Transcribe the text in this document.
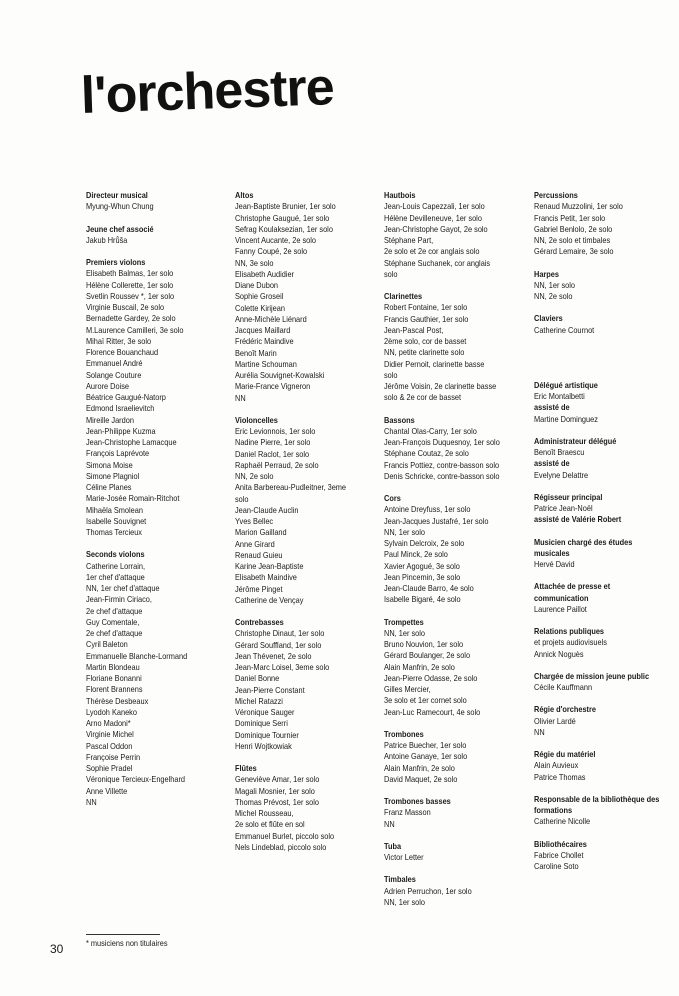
l'orchestre
Directeur musical
Myung-Whun Chung
Jeune chef associé
Jakub Hrůša
Premiers violons
Elisabeth Balmas, 1er solo
Hélène Collerette, 1er solo
Svetlin Roussev *, 1er solo
Virginie Buscail, 2e solo
Bernadette Gardey, 2e solo
M.Laurence Camilleri, 3e solo
Mihaï Ritter, 3e solo
Florence Bouanchaud
Emmanuel André
Solange Couture
Aurore Doise
Béatrice Gaugué-Natorp
Edmond Israelievitch
Mireille Jardon
Jean-Philippe Kuzma
Jean-Christophe Lamacque
François Laprévote
Simona Moise
Simone Plagniol
Céline Planes
Marie-Josée Romain-Ritchot
Mihaëla Smolean
Isabelle Souvignet
Thomas Tercieux
Seconds violons
Catherine Lorrain,
1er chef d'attaque
NN, 1er chef d'attaque
Jean-Firmin Ciriaco,
2e chef d'attaque
Guy Comentale,
2e chef d'attaque
Cyril Baleton
Emmanuelle Blanche-Lormand
Martin Blondeau
Floriane Bonanni
Florent Brannens
Thérèse Desbeaux
Lyodoh Kaneko
Arno Madoni*
Virginie Michel
Pascal Oddon
Françoise Perrin
Sophie Pradel
Véronique Tercieux-Engelhard
Anne Villette
NN
Altos
Jean-Baptiste Brunier, 1er solo
Christophe Gaugué, 1er solo
Sefrag Koulaksezian, 1er solo
Vincent Aucante, 2e solo
Fanny Coupé, 2e solo
NN, 3e solo
Elisabeth Audidier
Diane Dubon
Sophie Groseil
Colette Kirijean
Anne-Michèle Liénard
Jacques Maillard
Frédéric Maindive
Benoît Marin
Martine Schouman
Aurélia Souvignet-Kowalski
Marie-France Vigneron
NN
Violoncelles
Eric Levionnois, 1er solo
Nadine Pierre, 1er solo
Daniel Raclot, 1er solo
Raphaël Perraud, 2e solo
NN, 2e solo
Anita Barbereau-Pudleitner, 3eme
solo
Jean-Claude Auclin
Yves Bellec
Marion Gailland
Anne Girard
Renaud Guieu
Karine Jean-Baptiste
Elisabeth Maindive
Jérôme Pinget
Catherine de Vençay
Contrebasses
Christophe Dinaut, 1er solo
Gérard Souffland, 1er solo
Jean Thévenet, 2e solo
Jean-Marc Loisel, 3eme solo
Daniel Bonne
Jean-Pierre Constant
Michel Ratazzi
Véronique Sauger
Dominique Serri
Dominique Tournier
Henri Wojtkowiak
Flûtes
Geneviève Amar, 1er solo
Magali Mosnier, 1er solo
Thomas Prévost, 1er solo
Michel Rousseau,
2e solo et flûte en sol
Emmanuel Burlet, piccolo solo
Nels Lindeblad, piccolo solo
Hautbois
Jean-Louis Capezzali, 1er solo
Hélène Devilleneuve, 1er solo
Jean-Christophe Gayot, 2e solo
Stéphane Part,
2e solo et 2e cor anglais solo
Stéphane Suchanek, cor anglais
solo
Clarinettes
Robert Fontaine, 1er solo
Francis Gauthier, 1er solo
Jean-Pascal Post,
2ème solo, cor de basset
NN, petite clarinette solo
Didier Pernoit, clarinette basse
solo
Jérôme Voisin, 2e clarinette basse
solo & 2e cor de basset
Bassons
Chantal Olas-Carry, 1er solo
Jean-François Duquesnoy, 1er solo
Stéphane Coutaz, 2e solo
Francis Pottiez, contre-basson solo
Denis Schricke, contre-basson solo
Cors
Antoine Dreyfuss, 1er solo
Jean-Jacques Justafré, 1er solo
NN, 1er solo
Sylvain Delcroix, 2e solo
Paul Minck, 2e solo
Xavier Agogué, 3e solo
Jean Pincemin, 3e solo
Jean-Claude Barro, 4e solo
Isabelle Bigaré, 4e solo
Trompettes
NN, 1er solo
Bruno Nouvion, 1er solo
Gérard Boulanger, 2e solo
Alain Manfrin, 2e solo
Jean-Pierre Odasse, 2e solo
Gilles Mercier,
3e solo et 1er cornet solo
Jean-Luc Ramecourt, 4e solo
Trombones
Patrice Buecher, 1er solo
Antoine Ganaye, 1er solo
Alain Manfrin, 2e solo
David Maquet, 2e solo
Trombones basses
Franz Masson
NN
Tuba
Victor Letter
Timbales
Adrien Perruchon, 1er solo
NN, 1er solo
Percussions
Renaud Muzzolini, 1er solo
Francis Petit, 1er solo
Gabriel Benlolo, 2e solo
NN, 2e solo et timbales
Gérard Lemaire, 3e solo
Harpes
NN, 1er solo
NN, 2e solo
Claviers
Catherine Cournot
Délégué artistique
Eric Montalbetti
assisté de
Martine Dominguez
Administrateur délégué
Benoît Braescu
assisté de
Evelyne Delattre
Régisseur principal
Patrice Jean-Noël
assisté de Valérie Robert
Musicien chargé des études musicales
Hervé David
Attachée de presse et communication
Laurence Paillot
Relations publiques
et projets audiovisuels
Annick Noguès
Chargée de mission jeune public
Cécile Kauffmann
Régie d'orchestre
Olivier Lardé
NN
Régie du matériel
Alain Auvieux
Patrice Thomas
Responsable de la bibliothèque des formations
Catherine Nicolle
Bibliothécaires
Fabrice Chollet
Caroline Soto
* musiciens non titulaires
30
